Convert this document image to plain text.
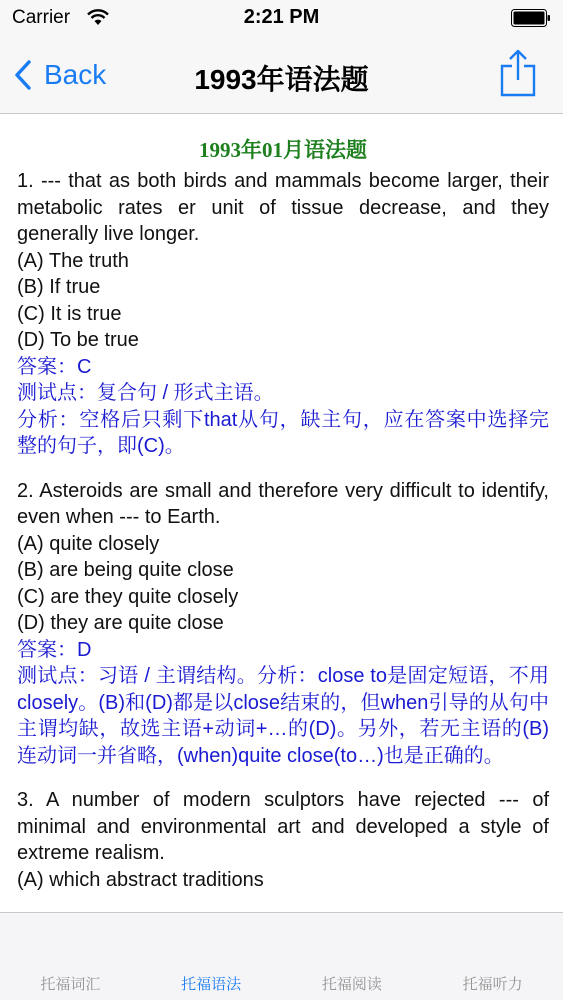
Carrier	2:21 PM
Back	1993年语法题
1993年01月语法题
1. --- that as both birds and mammals become larger, their metabolic rates er unit of tissue decrease, and they generally live longer.
(A) The truth
(B) If true
(C) It is true
(D) To be true
答案：C
测试点：复合句 / 形式主语。
分析：空格后只剩下that从句，缺主句，应在答案中选择完整的句子，即(C)。
2. Asteroids are small and therefore very difficult to identify, even when --- to Earth.
(A) quite closely
(B) are being quite close
(C) are they quite closely
(D) they are quite close
答案：D
测试点：习语 / 主谓结构。分析：close to是固定短语，不用closely。(B)和(D)都是以close结束的，但when引导的从句中主谓均缺，故选主语+动词+…的(D)。另外，若无主语的(B)连动词一并省略，(when)quite close(to…)也是正确的。
3. A number of modern sculptors have rejected --- of minimal and environmental art and developed a style of extreme realism.
(A) which abstract traditions
托福词汇	托福语法	托福阅读	托福听力
